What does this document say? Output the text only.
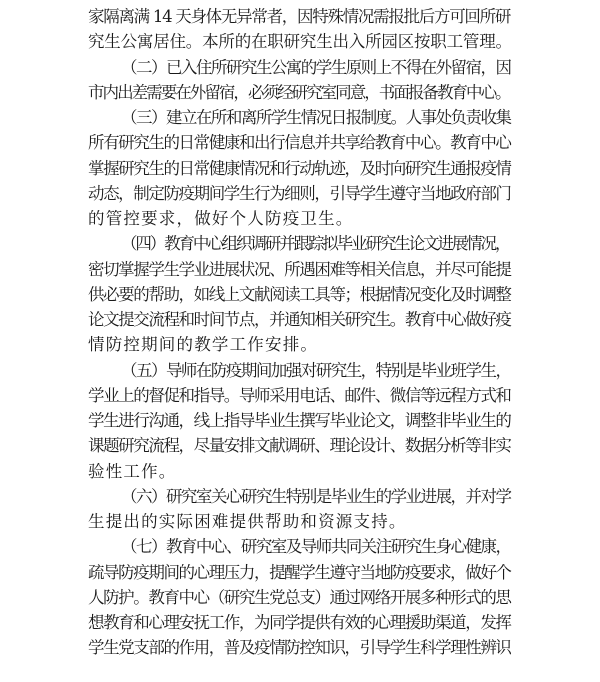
家隔离满 14 天身体无异常者，因特殊情况需报批后方可回所研
究生公寓居住。本所的在职研究生出入所园区按职工管理。
（二）已入住所研究生公寓的学生原则上不得在外留宿，因
市内出差需要在外留宿，必须经研究室同意，书面报备教育中心。
（三）建立在所和离所学生情况日报制度。人事处负责收集
所有研究生的日常健康和出行信息并共享给教育中心。教育中心
掌握研究生的日常健康情况和行动轨迹，及时向研究生通报疫情
动态，制定防疫期间学生行为细则，引导学生遵守当地政府部门
的管控要求，做好个人防疫卫生。
（四）教育中心组织调研并跟踪拟毕业研究生论文进展情况，
密切掌握学生学业进展状况、所遇困难等相关信息，并尽可能提
供必要的帮助，如线上文献阅读工具等；根据情况变化及时调整
论文提交流程和时间节点，并通知相关研究生。教育中心做好疫
情防控期间的教学工作安排。
（五）导师在防疫期间加强对研究生，特别是毕业班学生，
学业上的督促和指导。导师采用电话、邮件、微信等远程方式和
学生进行沟通，线上指导毕业生撰写毕业论文，调整非毕业生的
课题研究流程，尽量安排文献调研、理论设计、数据分析等非实
验性工作。
（六）研究室关心研究生特别是毕业生的学业进展，并对学
生提出的实际困难提供帮助和资源支持。
（七）教育中心、研究室及导师共同关注研究生身心健康，
疏导防疫期间的心理压力，提醒学生遵守当地防疫要求，做好个
人防护。教育中心（研究生党总支）通过网络开展多种形式的思
想教育和心理安抚工作，为同学提供有效的心理援助渠道，发挥
学生党支部的作用，普及疫情防控知识，引导学生科学理性辨识
